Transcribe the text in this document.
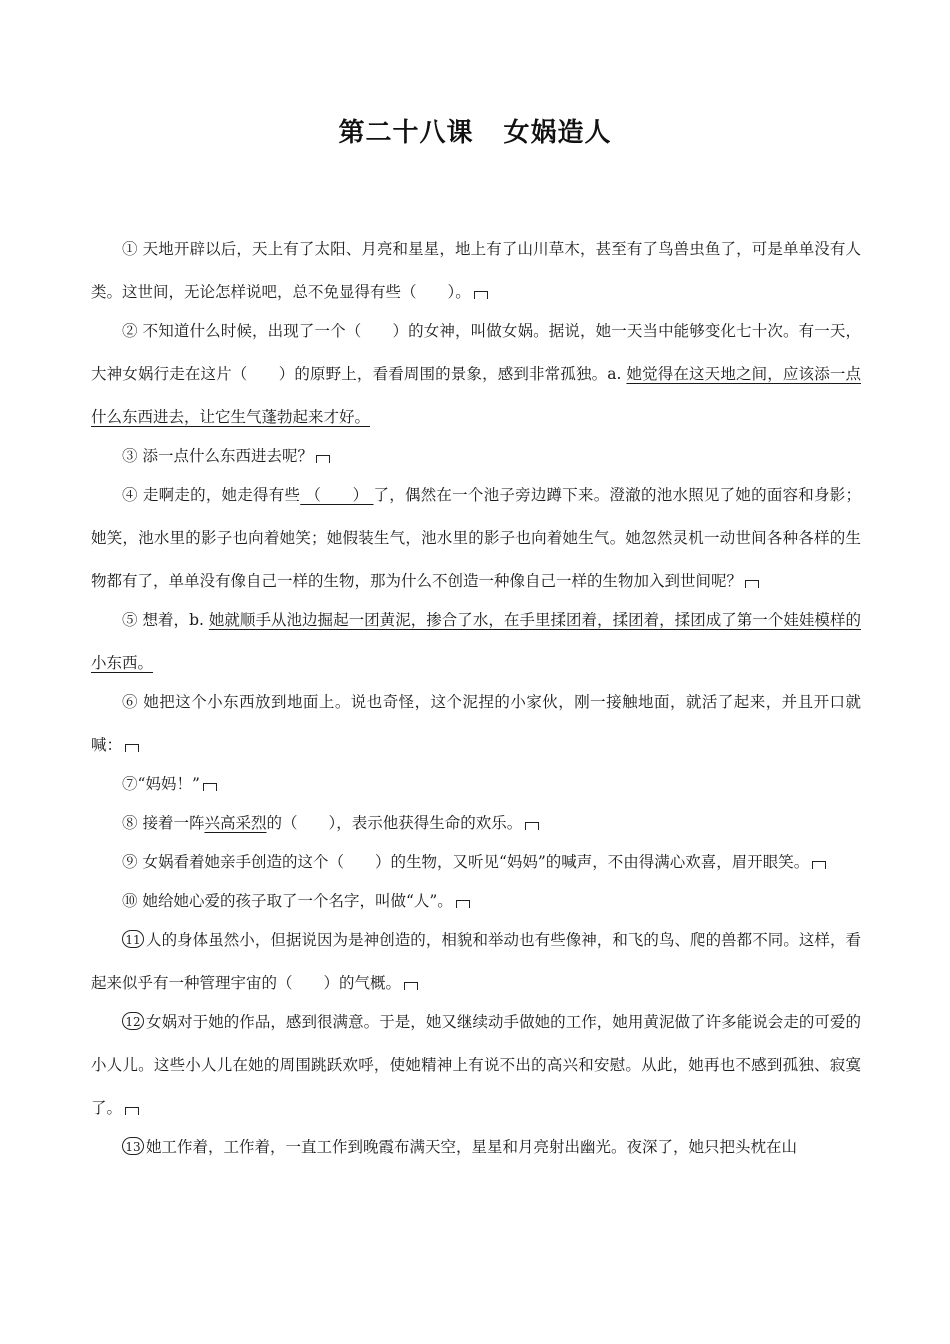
第二十八课 女娲造人

① 天地开辟以后，天上有了太阳、月亮和星星，地上有了山川草木，甚至有了鸟兽虫鱼了，可是单单没有人类。这世间，无论怎样说吧，总不免显得有些（　　）。

② 不知道什么时候，出现了一个（　　）的女神，叫做女娲。据说，她一天当中能够变化七十次。有一天，大神女娲行走在这片（　　）的原野上，看看周围的景象，感到非常孤独。a. 她觉得在这天地之间，应该添一点什么东西进去，让它生气蓬勃起来才好。

③ 添一点什么东西进去呢？

④ 走啊走的，她走得有些 （　　） 了，偶然在一个池子旁边蹲下来。澄澈的池水照见了她的面容和身影；她笑，池水里的影子也向着她笑；她假装生气，池水里的影子也向着她生气。她忽然灵机一动世间各种各样的生物都有了，单单没有像自己一样的生物，那为什么不创造一种像自己一样的生物加入到世间呢？

⑤ 想着，b. 她就顺手从池边掘起一团黄泥，掺合了水，在手里揉团着，揉团着，揉团成了第一个娃娃模样的小东西。

⑥ 她把这个小东西放到地面上。说也奇怪，这个泥捏的小家伙，刚一接触地面，就活了起来，并且开口就喊：

⑦“妈妈！”

⑧ 接着一阵兴高采烈的（　　），表示他获得生命的欢乐。

⑨ 女娲看着她亲手创造的这个（　　）的生物，又听见“妈妈”的喊声，不由得满心欢喜，眉开眼笑。

⑩ 她给她心爱的孩子取了一个名字，叫做“人”。

11 人的身体虽然小，但据说因为是神创造的，相貌和举动也有些像神，和飞的鸟、爬的兽都不同。这样，看起来似乎有一种管理宇宙的（　　）的气概。

12 女娲对于她的作品，感到很满意。于是，她又继续动手做她的工作，她用黄泥做了许多能说会走的可爱的小人儿。这些小人儿在她的周围跳跃欢呼，使她精神上有说不出的高兴和安慰。从此，她再也不感到孤独、寂寞了。

13 她工作着，工作着，一直工作到晚霞布满天空，星星和月亮射出幽光。夜深了，她只把头枕在山
